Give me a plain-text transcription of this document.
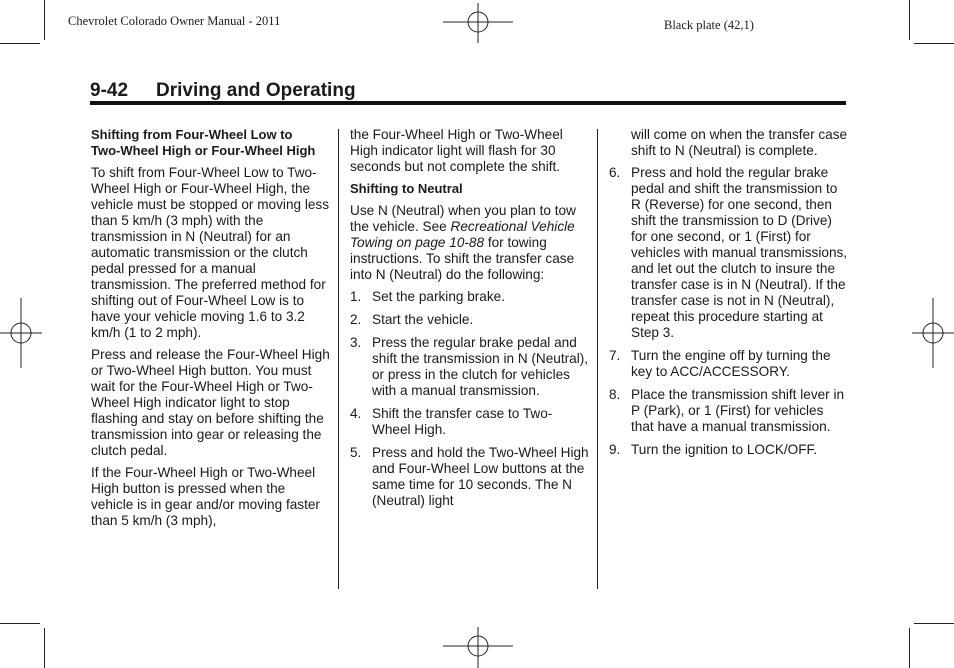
Chevrolet Colorado Owner Manual - 2011	Black plate (42,1)
9-42 Driving and Operating
Shifting from Four-Wheel Low to Two-Wheel High or Four-Wheel High

To shift from Four-Wheel Low to Two-Wheel High or Four-Wheel High, the vehicle must be stopped or moving less than 5 km/h (3 mph) with the transmission in N (Neutral) for an automatic transmission or the clutch pedal pressed for a manual transmission. The preferred method for shifting out of Four-Wheel Low is to have your vehicle moving 1.6 to 3.2 km/h (1 to 2 mph).

Press and release the Four-Wheel High or Two-Wheel High button. You must wait for the Four-Wheel High or Two-Wheel High indicator light to stop flashing and stay on before shifting the transmission into gear or releasing the clutch pedal.

If the Four-Wheel High or Two-Wheel High button is pressed when the vehicle is in gear and/or moving faster than 5 km/h (3 mph),

the Four-Wheel High or Two-Wheel High indicator light will flash for 30 seconds but not complete the shift.

Shifting to Neutral

Use N (Neutral) when you plan to tow the vehicle. See Recreational Vehicle Towing on page 10-88 for towing instructions. To shift the transfer case into N (Neutral) do the following:

1. Set the parking brake.
2. Start the vehicle.
3. Press the regular brake pedal and shift the transmission in N (Neutral), or press in the clutch for vehicles with a manual transmission.
4. Shift the transfer case to Two-Wheel High.
5. Press and hold the Two-Wheel High and Four-Wheel Low buttons at the same time for 10 seconds. The N (Neutral) light

will come on when the transfer case shift to N (Neutral) is complete.

6. Press and hold the regular brake pedal and shift the transmission to R (Reverse) for one second, then shift the transmission to D (Drive) for one second, or 1 (First) for vehicles with manual transmissions, and let out the clutch to insure the transfer case is in N (Neutral). If the transfer case is not in N (Neutral), repeat this procedure starting at Step 3.
7. Turn the engine off by turning the key to ACC/ACCESSORY.
8. Place the transmission shift lever in P (Park), or 1 (First) for vehicles that have a manual transmission.
9. Turn the ignition to LOCK/OFF.
